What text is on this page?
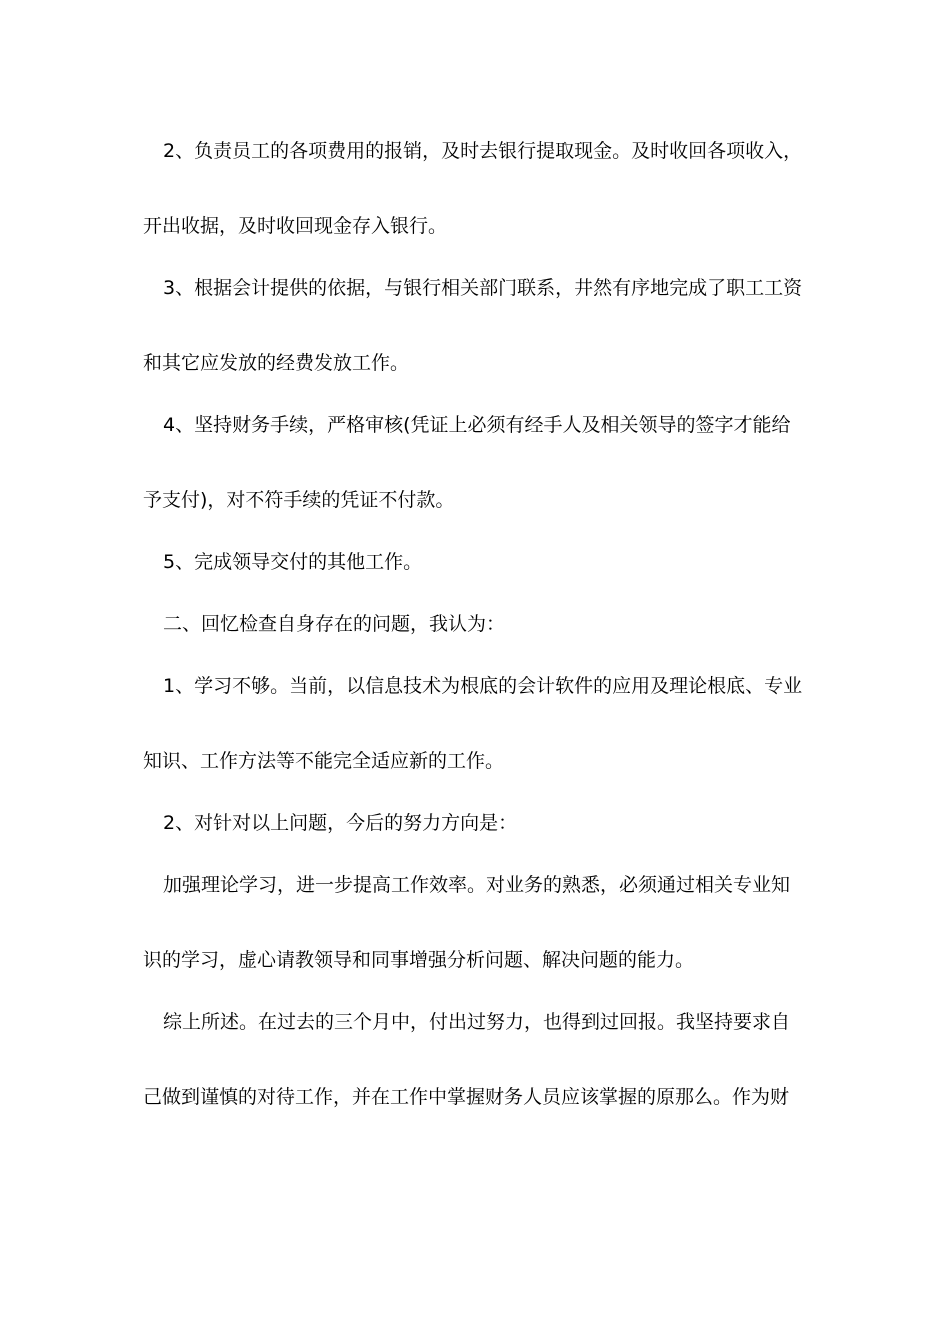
2、负责员工的各项费用的报销，及时去银行提取现金。及时收回各项收入，
开出收据，及时收回现金存入银行。
3、根据会计提供的依据，与银行相关部门联系，井然有序地完成了职工工资
和其它应发放的经费发放工作。
4、坚持财务手续，严格审核(凭证上必须有经手人及相关领导的签字才能给
予支付)，对不符手续的凭证不付款。
5、完成领导交付的其他工作。
二、回忆检查自身存在的问题，我认为：
1、学习不够。当前，以信息技术为根底的会计软件的应用及理论根底、专业
知识、工作方法等不能完全适应新的工作。
2、对针对以上问题，今后的努力方向是：
加强理论学习，进一步提高工作效率。对业务的熟悉，必须通过相关专业知
识的学习，虚心请教领导和同事增强分析问题、解决问题的能力。
综上所述。在过去的三个月中，付出过努力，也得到过回报。我坚持要求自
己做到谨慎的对待工作，并在工作中掌握财务人员应该掌握的原那么。作为财
